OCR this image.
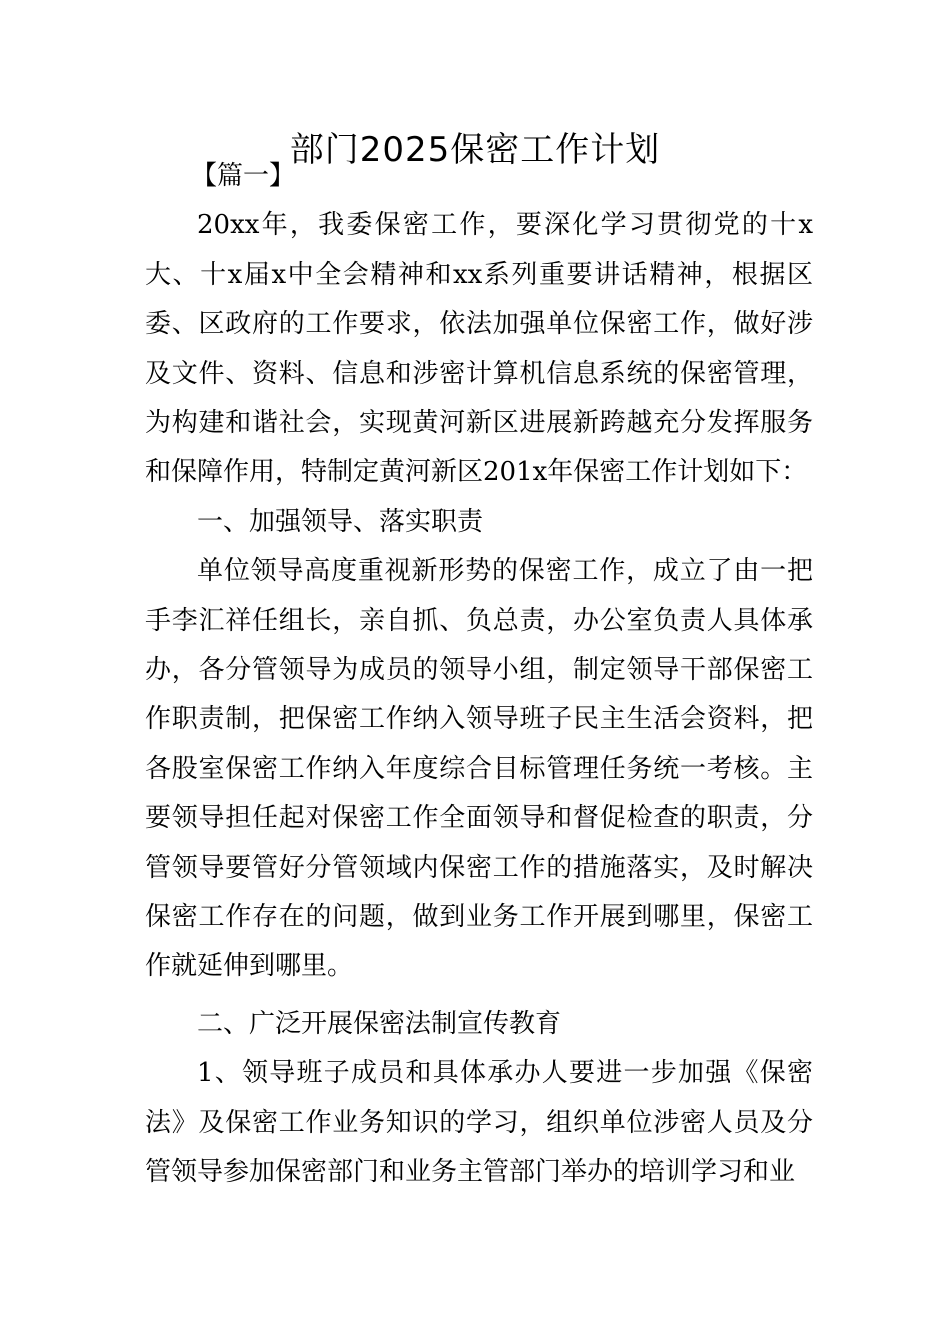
部门2025保密工作计划

【篇一】

20xx年，我委保密工作，要深化学习贯彻党的十x大、十x届x中全会精神和xx系列重要讲话精神，根据区委、区政府的工作要求，依法加强单位保密工作，做好涉及文件、资料、信息和涉密计算机信息系统的保密管理，为构建和谐社会，实现黄河新区进展新跨越充分发挥服务和保障作用，特制定黄河新区201x年保密工作计划如下：

一、加强领导、落实职责

单位领导高度重视新形势的保密工作，成立了由一把手李汇祥任组长，亲自抓、负总责，办公室负责人具体承办，各分管领导为成员的领导小组，制定领导干部保密工作职责制，把保密工作纳入领导班子民主生活会资料，把各股室保密工作纳入年度综合目标管理任务统一考核。主要领导担任起对保密工作全面领导和督促检查的职责，分管领导要管好分管领域内保密工作的措施落实，及时解决保密工作存在的问题，做到业务工作开展到哪里，保密工作就延伸到哪里。

二、广泛开展保密法制宣传教育

1、领导班子成员和具体承办人要进一步加强《保密法》及保密工作业务知识的学习，组织单位涉密人员及分管领导参加保密部门和业务主管部门举办的培训学习和业
